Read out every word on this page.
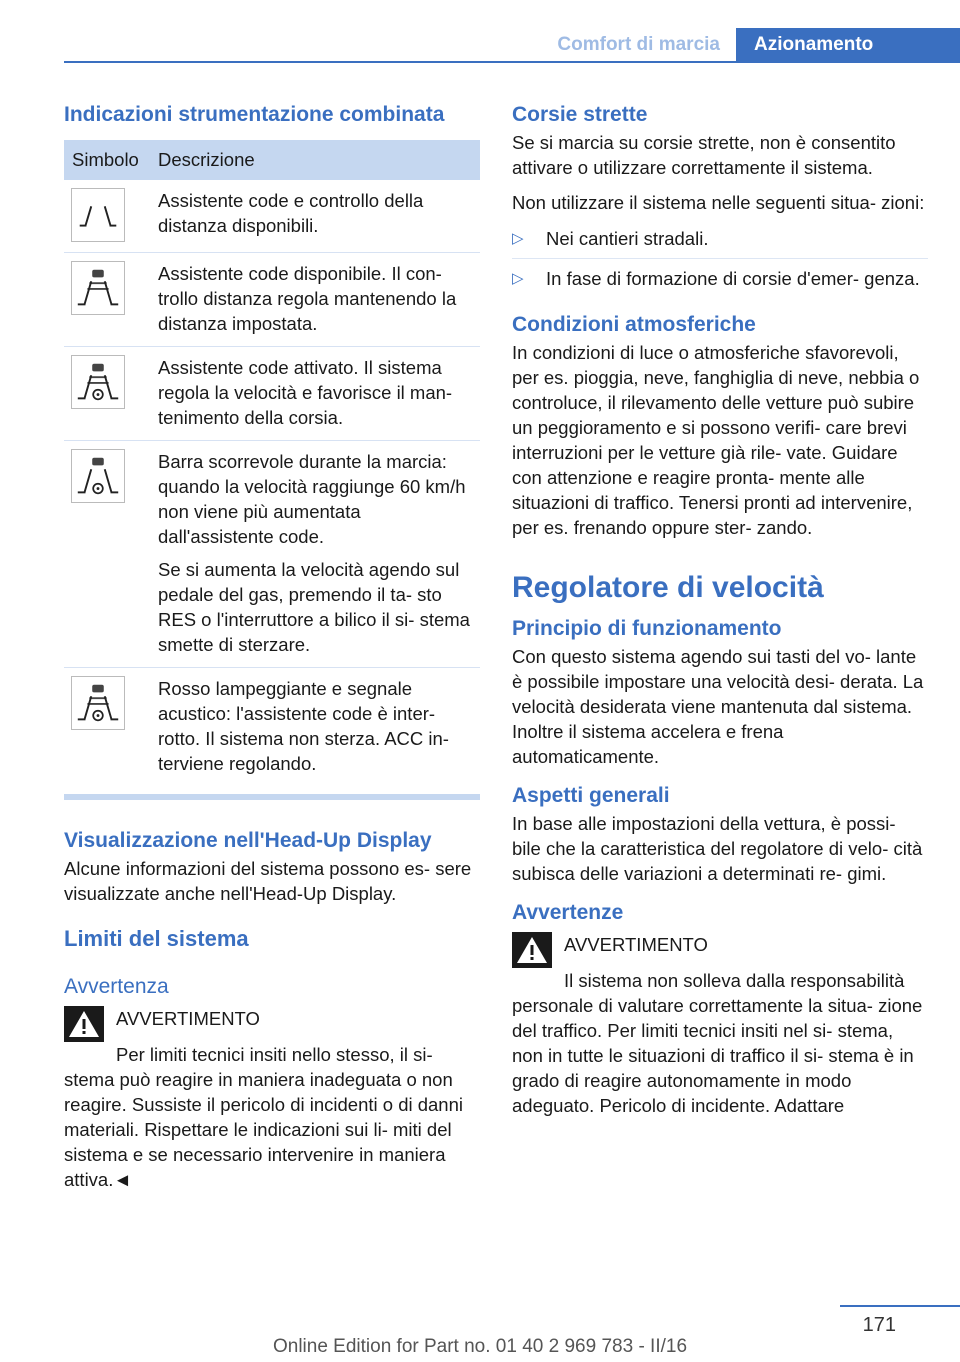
Comfort di marcia	Azionamento
Indicazioni strumentazione combinata
Simbolo	Descrizione

Assistente code e controllo della distanza disponibili.

Assistente code disponibile. Il con- trollo distanza regola mantenendo la distanza impostata.

Assistente code attivato. Il sistema regola la velocità e favorisce il man- tenimento della corsia.

Barra scorrevole durante la marcia: quando la velocità raggiunge 60 km/h non viene più aumentata dall'assistente code.

Se si aumenta la velocità agendo sul pedale del gas, premendo il ta- sto RES o l'interruttore a bilico il si- stema smette di sterzare.

Rosso lampeggiante e segnale acustico: l'assistente code è inter- rotto. Il sistema non sterza. ACC in- terviene regolando.

Visualizzazione nell'Head-Up Display

Alcune informazioni del sistema possono es- sere visualizzate anche nell'Head-Up Display.

Limiti del sistema
Avvertenza

AVVERTIMENTO

Per limiti tecnici insiti nello stesso, il si- stema può reagire in maniera inadeguata o non reagire. Sussiste il pericolo di incidenti o di danni materiali. Rispettare le indicazioni sui li- miti del sistema e se necessario intervenire in maniera attiva.◄

Corsie strette

Se si marcia su corsie strette, non è consentito attivare o utilizzare correttamente il sistema.

Non utilizzare il sistema nelle seguenti situa- zioni:

▷	Nei cantieri stradali.
▷	In fase di formazione di corsie d'emer- genza.
Condizioni atmosferiche

In condizioni di luce o atmosferiche sfavorevoli, per es. pioggia, neve, fanghiglia di neve, nebbia o controluce, il rilevamento delle vetture può subire un peggioramento e si possono verifi- care brevi interruzioni per le vetture già rile- vate. Guidare con attenzione e reagire pronta- mente alle situazioni di traffico. Tenersi pronti ad intervenire, per es. frenando oppure ster- zando.

Regolatore di velocità
Principio di funzionamento

Con questo sistema agendo sui tasti del vo- lante è possibile impostare una velocità desi- derata. La velocità desiderata viene mantenuta dal sistema. Inoltre il sistema accelera e frena automaticamente.

Aspetti generali

In base alle impostazioni della vettura, è possi- bile che la caratteristica del regolatore di velo- cità subisca delle variazioni a determinati re- gimi.

Avvertenze

AVVERTIMENTO

Il sistema non solleva dalla responsabilità personale di valutare correttamente la situa- zione del traffico. Per limiti tecnici insiti nel si- stema, non in tutte le situazioni di traffico il si- stema è in grado di reagire autonomamente in modo adeguato. Pericolo di incidente. Adattare

171
Online Edition for Part no. 01 40 2 969 783 - II/16
